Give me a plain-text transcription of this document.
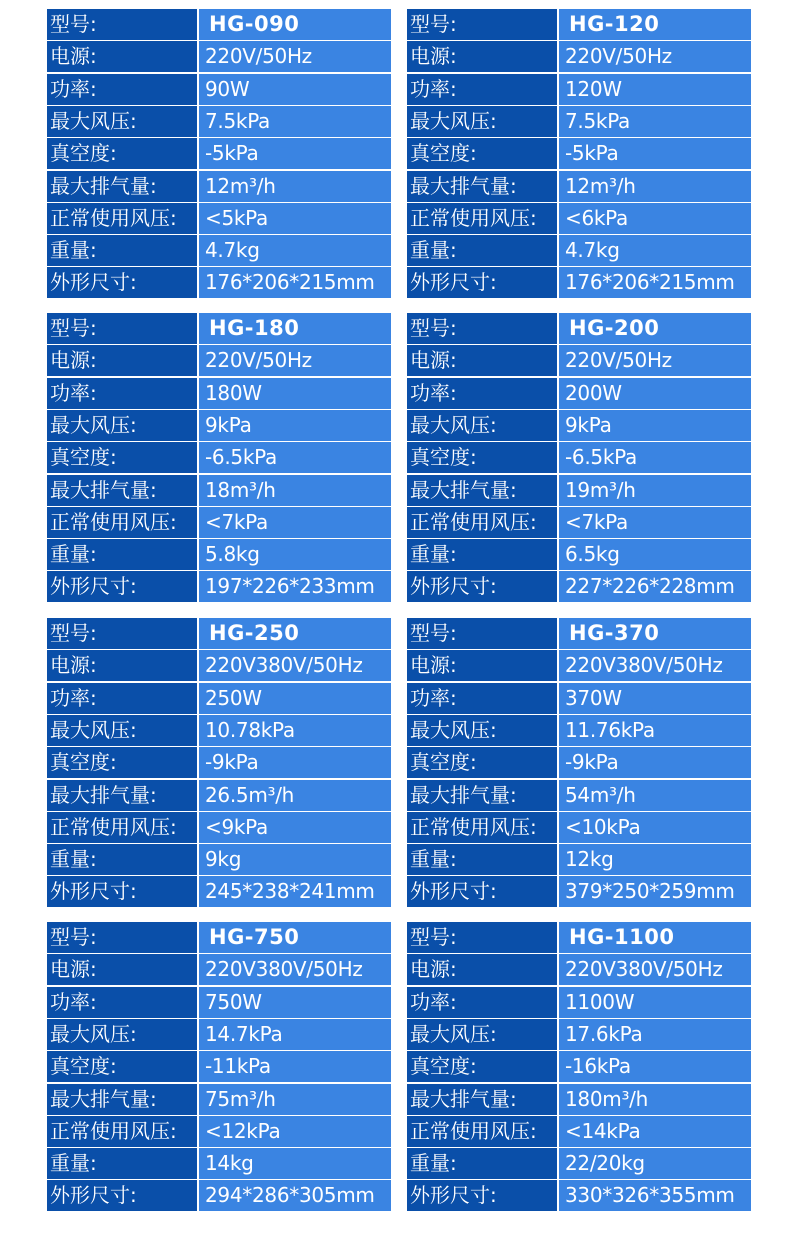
型号:	HG-090
电源:	220V/50Hz
功率:	90W
最大风压:	7.5kPa
真空度:	-5kPa
最大排气量:	12m³/h
正常使用风压:	<5kPa
重量:	4.7kg
外形尺寸:	176*206*215mm
型号:	HG-120
电源:	220V/50Hz
功率:	120W
最大风压:	7.5kPa
真空度:	-5kPa
最大排气量:	12m³/h
正常使用风压:	<6kPa
重量:	4.7kg
外形尺寸:	176*206*215mm
型号:	HG-180
电源:	220V/50Hz
功率:	180W
最大风压:	9kPa
真空度:	-6.5kPa
最大排气量:	18m³/h
正常使用风压:	<7kPa
重量:	5.8kg
外形尺寸:	197*226*233mm
型号:	HG-200
电源:	220V/50Hz
功率:	200W
最大风压:	9kPa
真空度:	-6.5kPa
最大排气量:	19m³/h
正常使用风压:	<7kPa
重量:	6.5kg
外形尺寸:	227*226*228mm
型号:	HG-250
电源:	220V380V/50Hz
功率:	250W
最大风压:	10.78kPa
真空度:	-9kPa
最大排气量:	26.5m³/h
正常使用风压:	<9kPa
重量:	9kg
外形尺寸:	245*238*241mm
型号:	HG-370
电源:	220V380V/50Hz
功率:	370W
最大风压:	11.76kPa
真空度:	-9kPa
最大排气量:	54m³/h
正常使用风压:	<10kPa
重量:	12kg
外形尺寸:	379*250*259mm
型号:	HG-750
电源:	220V380V/50Hz
功率:	750W
最大风压:	14.7kPa
真空度:	-11kPa
最大排气量:	75m³/h
正常使用风压:	<12kPa
重量:	14kg
外形尺寸:	294*286*305mm
型号:	HG-1100
电源:	220V380V/50Hz
功率:	1100W
最大风压:	17.6kPa
真空度:	-16kPa
最大排气量:	180m³/h
正常使用风压:	<14kPa
重量:	22/20kg
外形尺寸:	330*326*355mm
